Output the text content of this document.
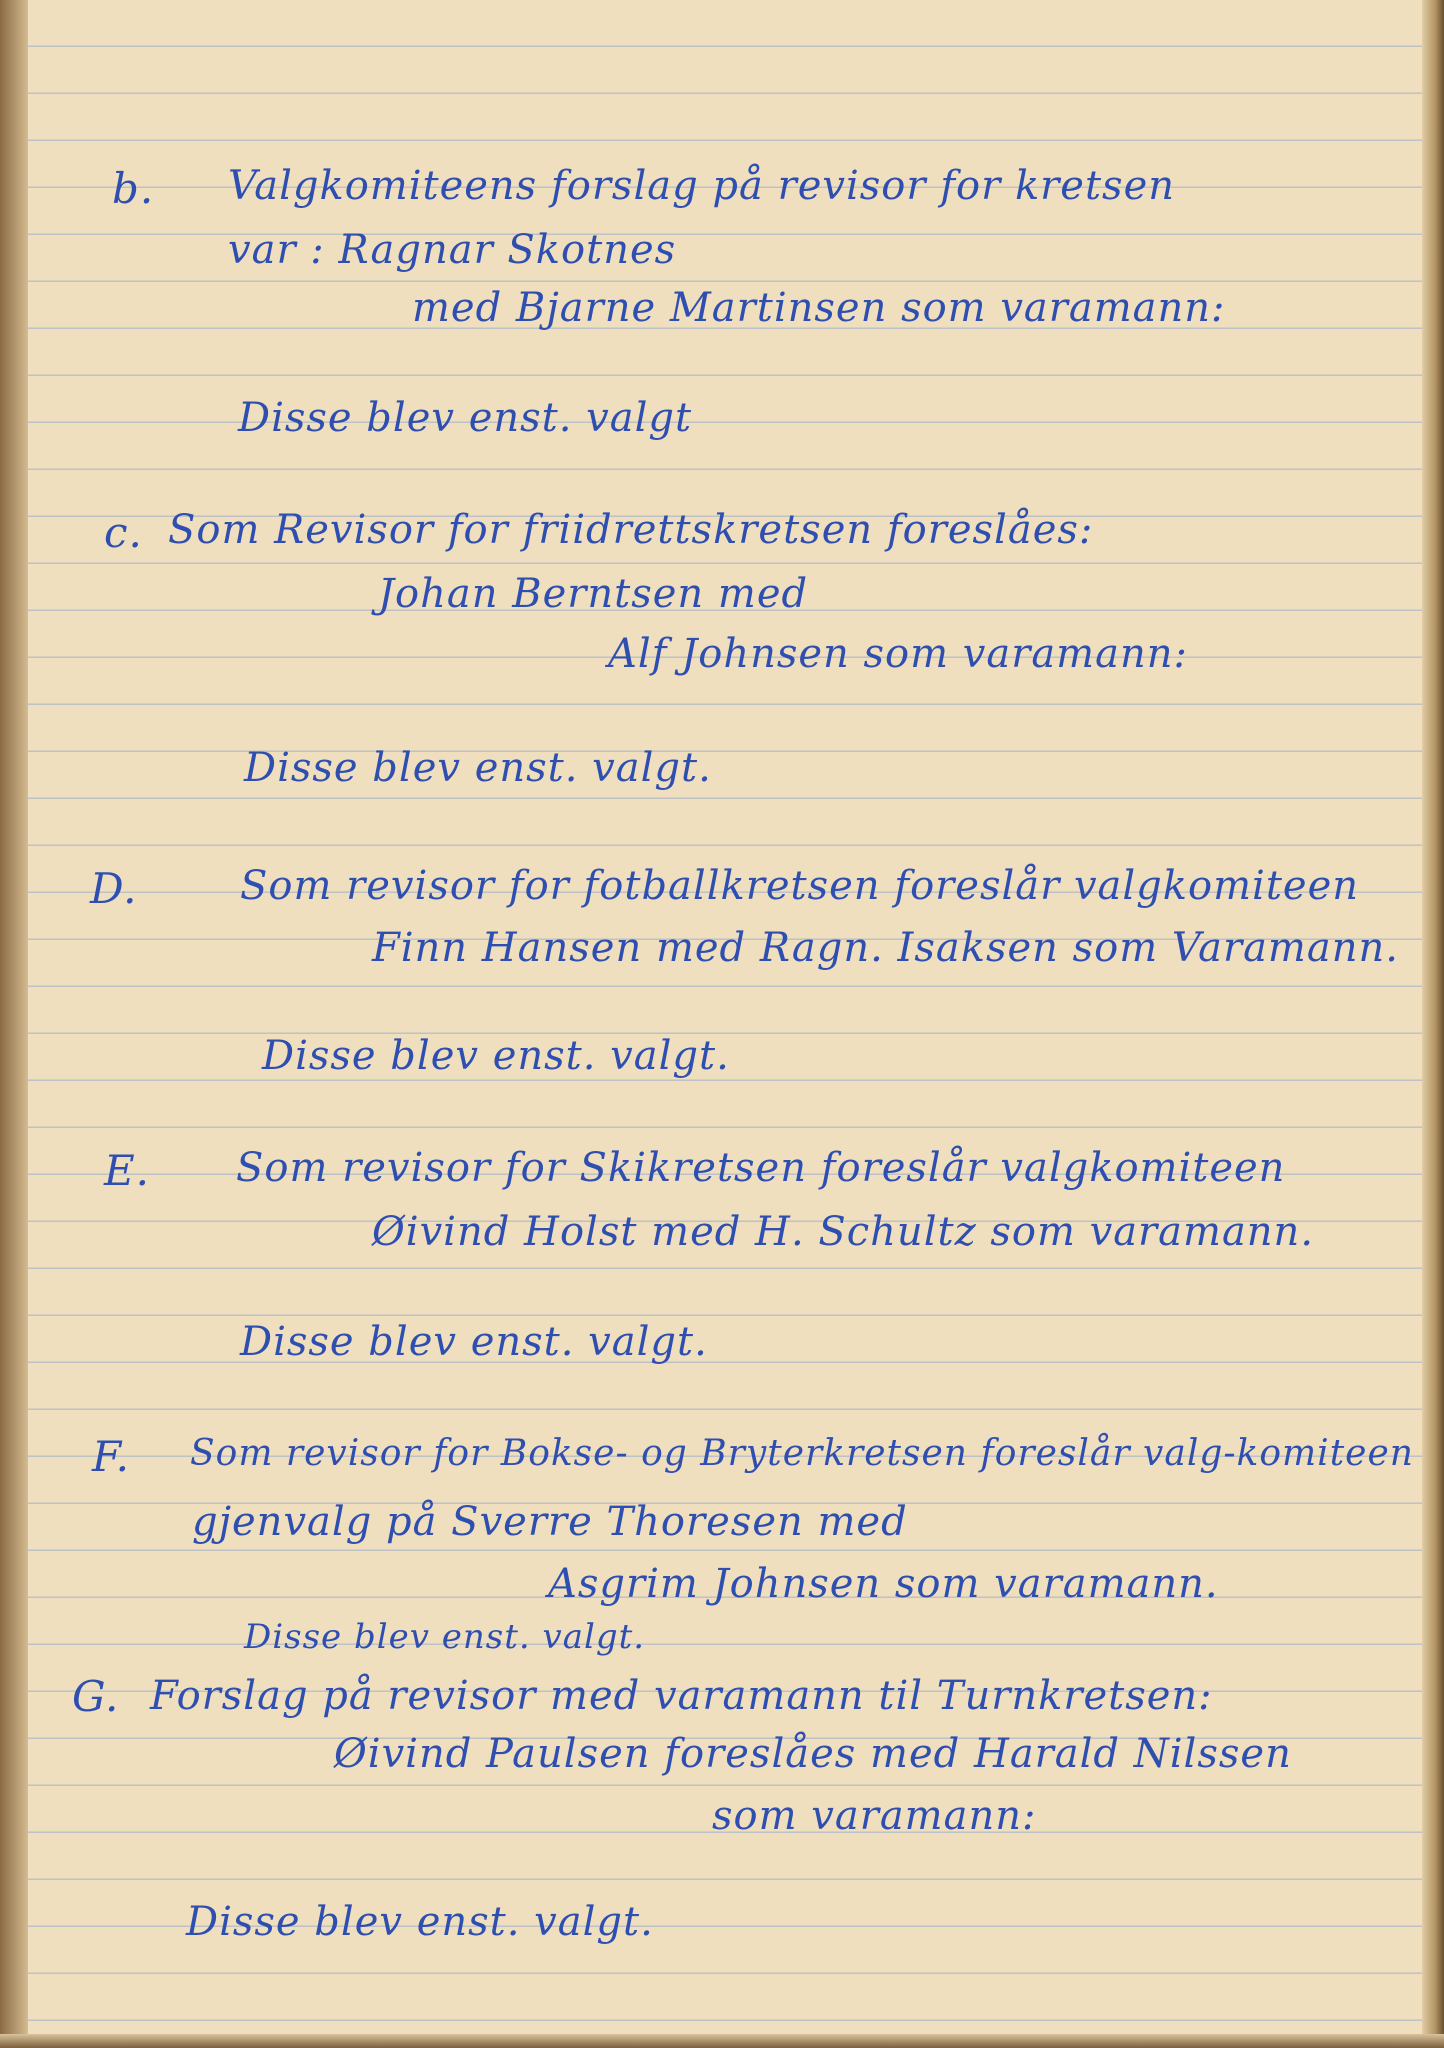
b. Valgkomiteens forslag på revisor for kretsen

var : Ragnar Skotnes

med Bjarne Martinsen som varamann:

Disse blev enst. valgt

c. Som Revisor for friidrettskretsen foreslåes:

Johan Berntsen med

Alf Johnsen som varamann:

Disse blev enst. valgt.

D.	Som revisor for fotballkretsen foreslår valgkomiteen

Finn Hansen med Ragn. Isaksen som Varamann.

Disse blev enst. valgt.

E. Som revisor for Skikretsen foreslår valgkomiteen

Øivind Holst med H. Schultz som varamann.

Disse blev enst. valgt.

F. Som revisor for Bokse- og Bryterkretsen foreslår valg-komiteen

gjenvalg på Sverre Thoresen med

Asgrim Johnsen som varamann.

Disse blev enst. valgt.

G. Forslag på revisor med varamann til Turnkretsen:

Øivind Paulsen foreslåes med Harald Nilssen

som varamann:

Disse blev enst. valgt.
